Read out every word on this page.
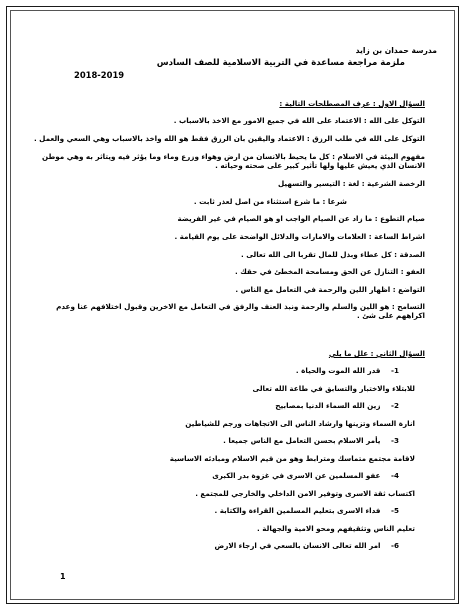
مدرسة حمدان بن زايد
ملزمة مراجعة مساعدة في التربية الاسلامية للصف السادس
2018-2019
السؤال الاول : عرف المصطلحات التالية :
التوكل على الله : الاعتماد على الله في جميع الامور مع الاخذ بالاسباب .
التوكل على الله في طلب الرزق : الاعتماد واليقين بان الرزق فقط هو الله واخذ بالاسباب وهي السعي والعمل .
مفهوم البيئة في الاسلام : كل ما يحيط بالانسان من ارض وهواء وزرع وماء وما يؤثر فيه ويتاثر به وهي موطن الانسان الذي يعيش عليها ولها تأثير كبير على صحته وحياته .
الرخصة الشرعية : لغة : التيسير والتسهيل
شرعا : ما شرع استثناء من اصل لعذر ثابت .
صيام التطوع : ما زاد عن الصيام الواجب او هو الصيام في غير الفريضة
اشراط الساعة : العلامات والامارات والدلائل الواضحة على يوم القيامة .
الصدقة : كل عطاء وبذل للمال تقربا الى الله تعالى .
العفو : التنازل عن الحق ومسامحة المخطئ في حقك .
التواضع : اظهار اللين والرحمة في التعامل مع الناس .
التسامح : هو اللين والسلم والرحمة ونبذ العنف والرفق في التعامل مع الاخرين وقبول اختلافهم عنا وعدم اكراههم على شئ .
السؤال الثاني : علل ما يلي
1- قدر الله الموت والحياة .
للابتلاء والاختبار والتسابق في طاعة الله تعالى
2- زين الله السماء الدنيا بمصابيح
انارة السماء وتزينها وارشاد الناس الى الاتجاهات ورجم للشياطين
3- يأمر الاسلام بحسن التعامل مع الناس جميعا .
لاقامة مجتمع متماسك ومترابط وهو من قيم الاسلام ومبادئه الاساسية
4- عفو المسلمين عن الاسرى في غزوة بدر الكبرى
اكتساب ثقة الاسرى وتوفير الامن الداخلي والخارجي للمجتمع .
5- فداء الاسرى بتعليم المسلمين القراءة والكتابة .
تعليم الناس وتثقيفهم ومحو الامية والجهالة .
6- امر الله تعالى الانسان بالسعي في ارجاء الارض
1
